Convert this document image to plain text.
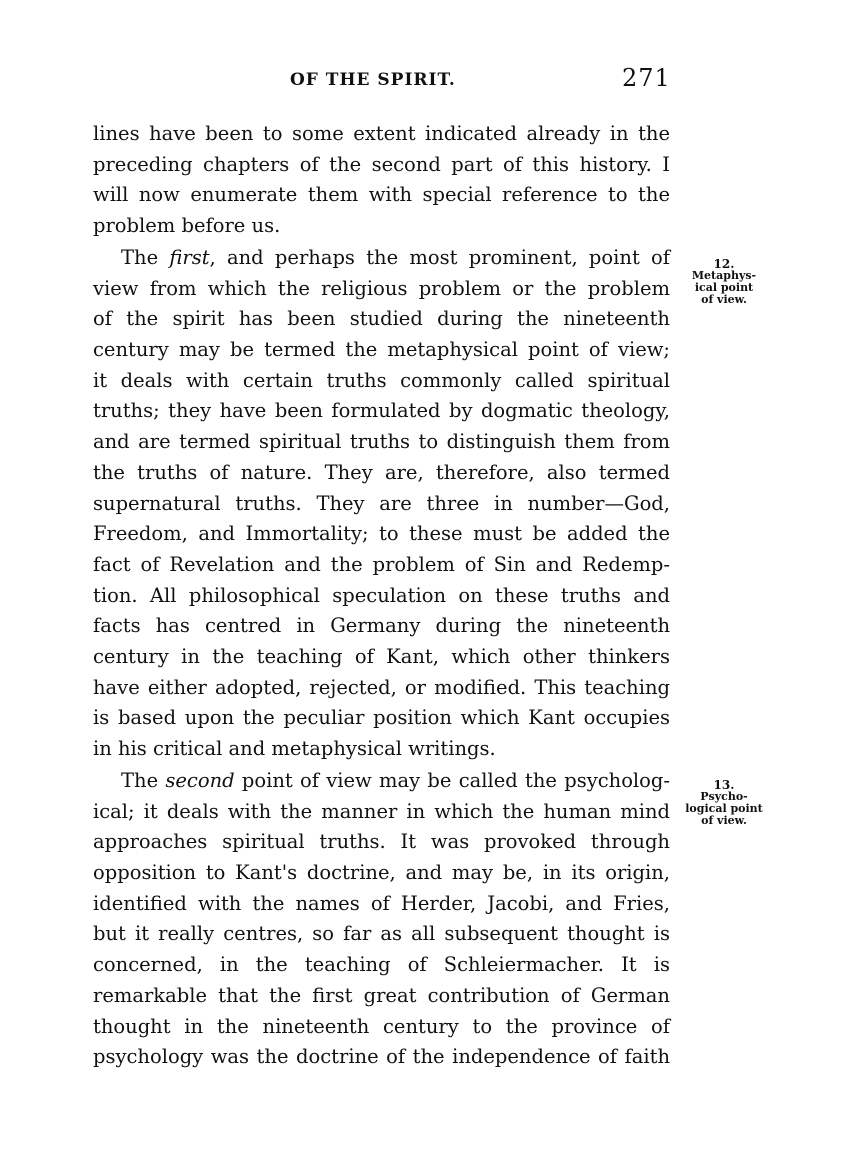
OF THE SPIRIT.	271
lines have been to some extent indicated already in the
preceding chapters of the second part of this history. I
will now enumerate them with special reference to the
problem before us.
The first, and perhaps the most prominent, point of
view from which the religious problem or the problem
of the spirit has been studied during the nineteenth
century may be termed the metaphysical point of view;
it deals with certain truths commonly called spiritual
truths; they have been formulated by dogmatic theology,
and are termed spiritual truths to distinguish them from
the truths of nature. They are, therefore, also termed
supernatural truths. They are three in number—God,
Freedom, and Immortality; to these must be added the
fact of Revelation and the problem of Sin and Redemp-
tion. All philosophical speculation on these truths and
facts has centred in Germany during the nineteenth
century in the teaching of Kant, which other thinkers
have either adopted, rejected, or modified. This teaching
is based upon the peculiar position which Kant occupies
in his critical and metaphysical writings.
The second point of view may be called the psycholog-
ical; it deals with the manner in which the human mind
approaches spiritual truths. It was provoked through
opposition to Kant's doctrine, and may be, in its origin,
identified with the names of Herder, Jacobi, and Fries,
but it really centres, so far as all subsequent thought is
concerned, in the teaching of Schleiermacher. It is
remarkable that the first great contribution of German
thought in the nineteenth century to the province of
psychology was the doctrine of the independence of faith
12.
Metaphys-
ical point
of view.
13.
Psycho-
logical point
of view.
